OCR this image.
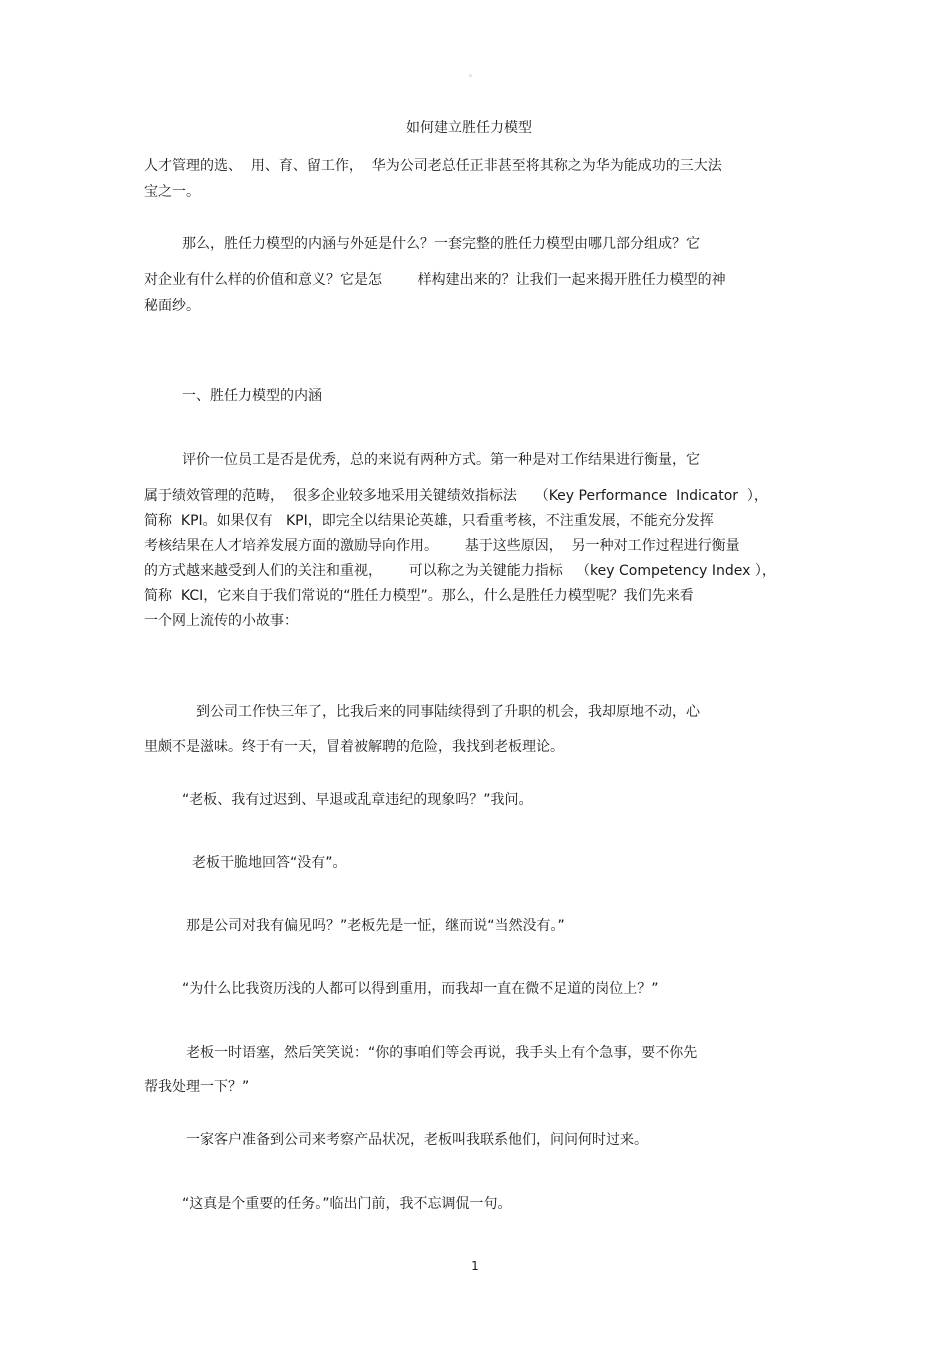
。
如何建立胜任力模型

人才管理的选、  用、育、留工作，  华为公司老总任正非甚至将其称之为华为能成功的三大法

宝之一。

那么，胜任力模型的内涵与外延是什么？一套完整的胜任力模型由哪几部分组成？它

对企业有什么样的价值和意义？它是怎        样构建出来的？让我们一起来揭开胜任力模型的神

秘面纱。

一、胜任力模型的内涵

评价一位员工是否是优秀，总的来说有两种方式。第一种是对工作结果进行衡量，它

属于绩效管理的范畴，  很多企业较多地采用关键绩效指标法    （Key Performance  Indicator  ），

简称  KPI。如果仅有   KPI，即完全以结果论英雄，只看重考核，不注重发展，不能充分发挥

考核结果在人才培养发展方面的激励导向作用。      基于这些原因，  另一种对工作过程进行衡量

的方式越来越受到人们的关注和重视，      可以称之为关键能力指标   （key Competency Index ），

简称  KCI，它来自于我们常说的“胜任力模型”。那么，什么是胜任力模型呢？我们先来看

一个网上流传的小故事：

到公司工作快三年了，比我后来的同事陆续得到了升职的机会，我却原地不动，心

里颇不是滋味。终于有一天，冒着被解聘的危险，我找到老板理论。

“老板、我有过迟到、早退或乱章违纪的现象吗？”我问。

老板干脆地回答“没有”。

那是公司对我有偏见吗？”老板先是一怔，继而说“当然没有。”

“为什么比我资历浅的人都可以得到重用，而我却一直在微不足道的岗位上？”

老板一时语塞，然后笑笑说：“你的事咱们等会再说，我手头上有个急事，要不你先

帮我处理一下？”

一家客户准备到公司来考察产品状况，老板叫我联系他们，问问何时过来。

“这真是个重要的任务。”临出门前，我不忘调侃一句。

1
